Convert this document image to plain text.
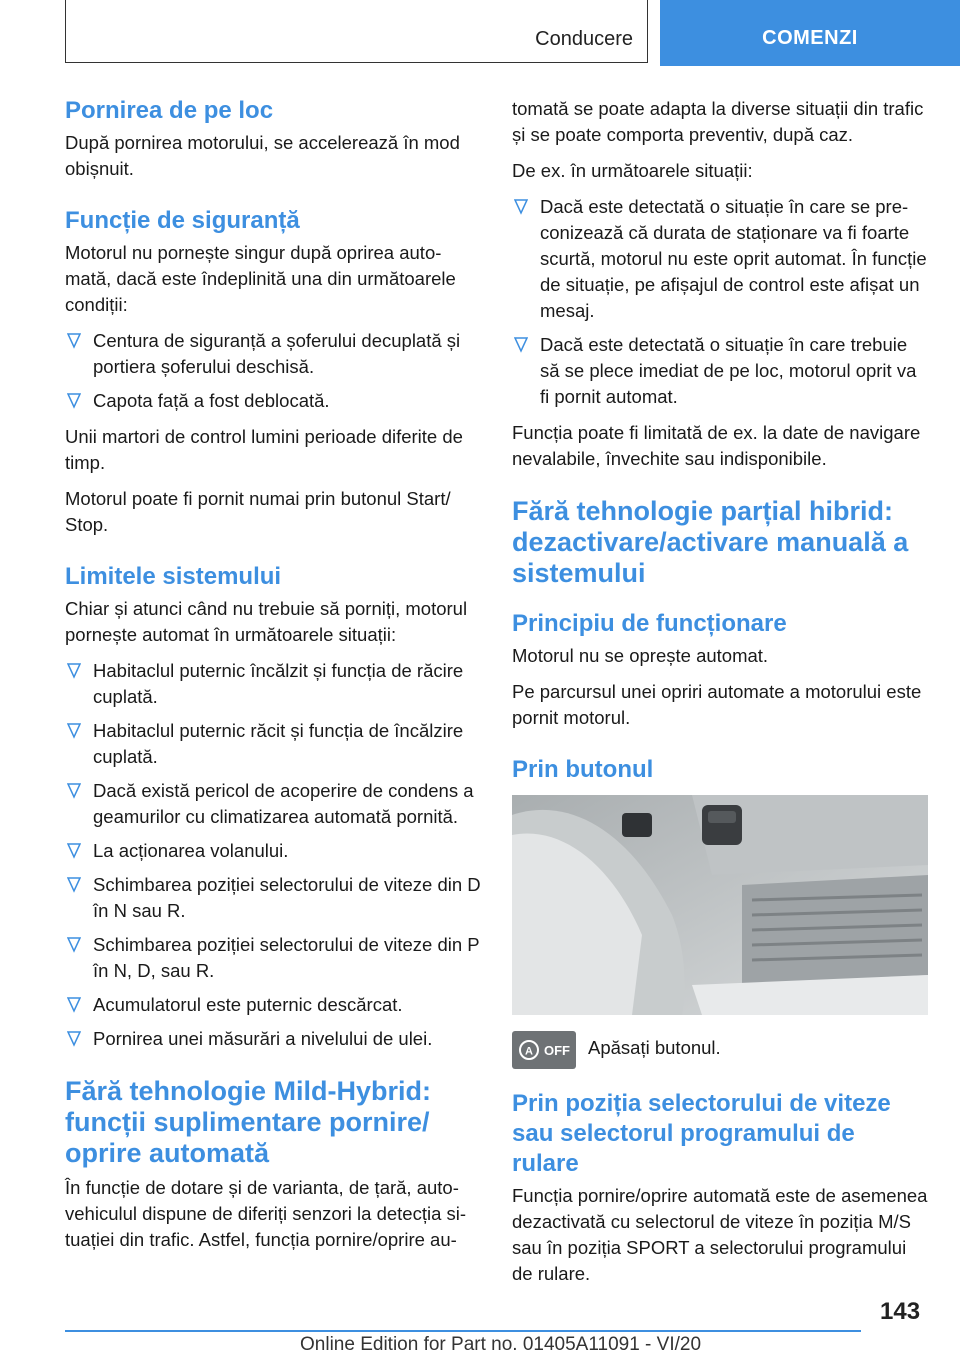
Conducere	COMENZI
Pornirea de pe loc

După pornirea motorului, se accelerează în mod obișnuit.

Funcție de siguranță

Motorul nu pornește singur după oprirea automată, dacă este îndeplinită una din următoarele condiții:

Centura de siguranță a șoferului decuplată și portiera șoferului deschisă.
Capota față a fost deblocată.

Unii martori de control lumini perioade diferite de timp.

Motorul poate fi pornit numai prin butonul Start/ Stop.

Limitele sistemului

Chiar și atunci când nu trebuie să porniți, motorul pornește automat în următoarele situații:

Habitaclul puternic încălzit și funcția de răcire cuplată.
Habitaclul puternic răcit și funcția de încălzire cuplată.
Dacă există pericol de acoperire de condens a geamurilor cu climatizarea automată pornită.
La acționarea volanului.
Schimbarea poziției selectorului de viteze din D în N sau R.
Schimbarea poziției selectorului de viteze din P în N, D, sau R.
Acumulatorul este puternic descărcat.
Pornirea unei măsurări a nivelului de ulei.
Fără tehnologie Mild-Hybrid: funcții suplimentare pornire/ oprire automată

În funcție de dotare și de varianta, de țară, autovehiculul dispune de diferiți senzori la detecția situației din trafic. Astfel, funcția pornire/oprire au-

tomată se poate adapta la diverse situații din trafic și se poate comporta preventiv, după caz.

De ex. în următoarele situații:

Dacă este detectată o situație în care se preconizează că durata de staționare va fi foarte scurtă, motorul nu este oprit automat. În funcție de situație, pe afișajul de control este afișat un mesaj.
Dacă este detectată o situație în care trebuie să se plece imediat de pe loc, motorul oprit va fi pornit automat.

Funcția poate fi limitată de ex. la date de navigare nevalabile, învechite sau indisponibile.

Fără tehnologie parțial hibrid: dezactivare/activare manuală a sistemului
Principiu de funcționare

Motorul nu se oprește automat.

Pe parcursul unei opriri automate a motorului este pornit motorul.

Prin butonul
A OFF Apăsați butonul.
Prin poziția selectorului de viteze sau selectorul programului de rulare

Funcția pornire/oprire automată este de asemenea dezactivată cu selectorul de viteze în poziția M/S sau în poziția SPORT a selectorului programului de rulare.

143
Online Edition for Part no. 01405A11091 - VI/20
